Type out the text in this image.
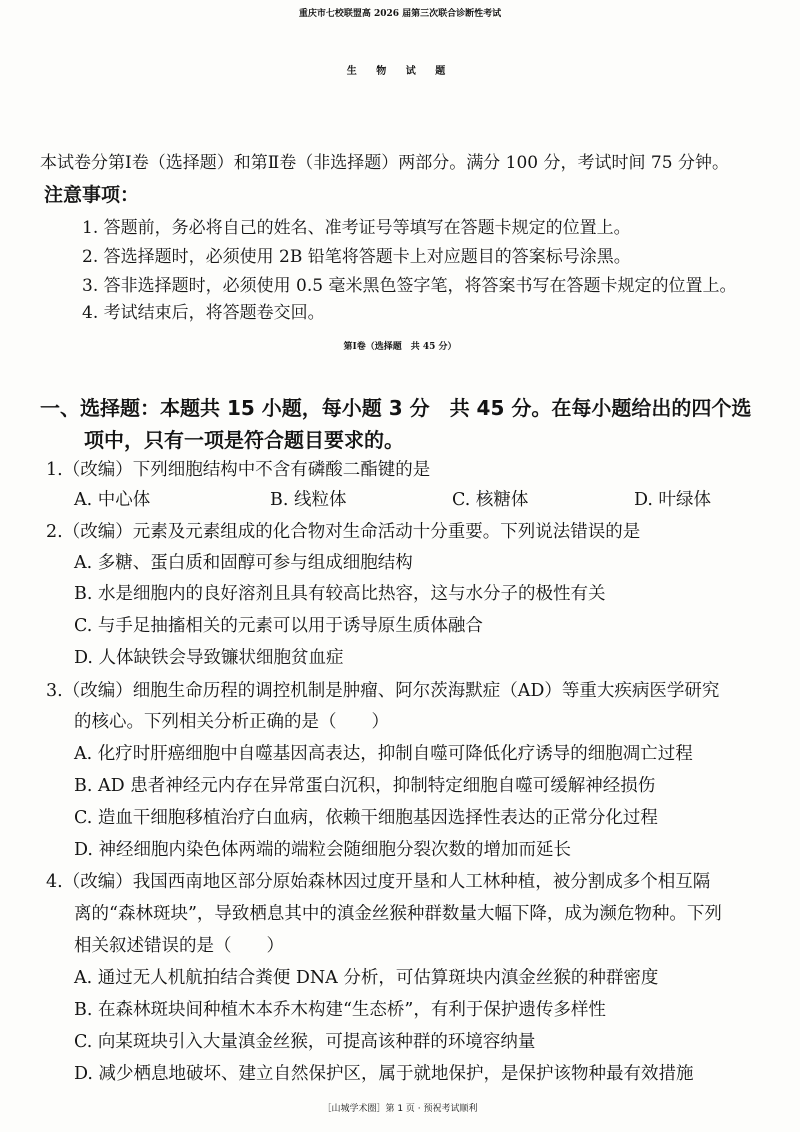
重庆市七校联盟高 2026 届第三次联合诊断性考试
生 物 试 题
本试卷分第Ⅰ卷（选择题）和第Ⅱ卷（非选择题）两部分。满分 100 分，考试时间 75 分钟。
注意事项：
1. 答题前，务必将自己的姓名、准考证号等填写在答题卡规定的位置上。
2. 答选择题时，必须使用 2B 铅笔将答题卡上对应题目的答案标号涂黑。
3. 答非选择题时，必须使用 0.5 毫米黑色签字笔，将答案书写在答题卡规定的位置上。
4. 考试结束后，将答题卷交回。
第Ⅰ卷（选择题　共 45 分）
一、选择题：本题共 15 小题，每小题 3 分　共 45 分。在每小题给出的四个选
项中，只有一项是符合题目要求的。
1.（改编）下列细胞结构中不含有磷酸二酯键的是
A. 中心体	B. 线粒体	C. 核糖体	D. 叶绿体
2.（改编）元素及元素组成的化合物对生命活动十分重要。下列说法错误的是
A. 多糖、蛋白质和固醇可参与组成细胞结构
B. 水是细胞内的良好溶剂且具有较高比热容，这与水分子的极性有关
C. 与手足抽搐相关的元素可以用于诱导原生质体融合
D. 人体缺铁会导致镰状细胞贫血症
3.（改编）细胞生命历程的调控机制是肿瘤、阿尔茨海默症（AD）等重大疾病医学研究
的核心。下列相关分析正确的是（　　）
A. 化疗时肝癌细胞中自噬基因高表达，抑制自噬可降低化疗诱导的细胞凋亡过程
B. AD 患者神经元内存在异常蛋白沉积，抑制特定细胞自噬可缓解神经损伤
C. 造血干细胞移植治疗白血病，依赖干细胞基因选择性表达的正常分化过程
D. 神经细胞内染色体两端的端粒会随细胞分裂次数的增加而延长
4.（改编）我国西南地区部分原始森林因过度开垦和人工林种植，被分割成多个相互隔
离的“森林斑块”，导致栖息其中的滇金丝猴种群数量大幅下降，成为濒危物种。下列
相关叙述错误的是（　　）
A. 通过无人机航拍结合粪便 DNA 分析，可估算斑块内滇金丝猴的种群密度
B. 在森林斑块间种植木本乔木构建“生态桥”，有利于保护遗传多样性
C. 向某斑块引入大量滇金丝猴，可提高该种群的环境容纳量
D. 减少栖息地破坏、建立自然保护区，属于就地保护，是保护该物种最有效措施
［山城学术圈］第 1 页 · 预祝考试顺利
